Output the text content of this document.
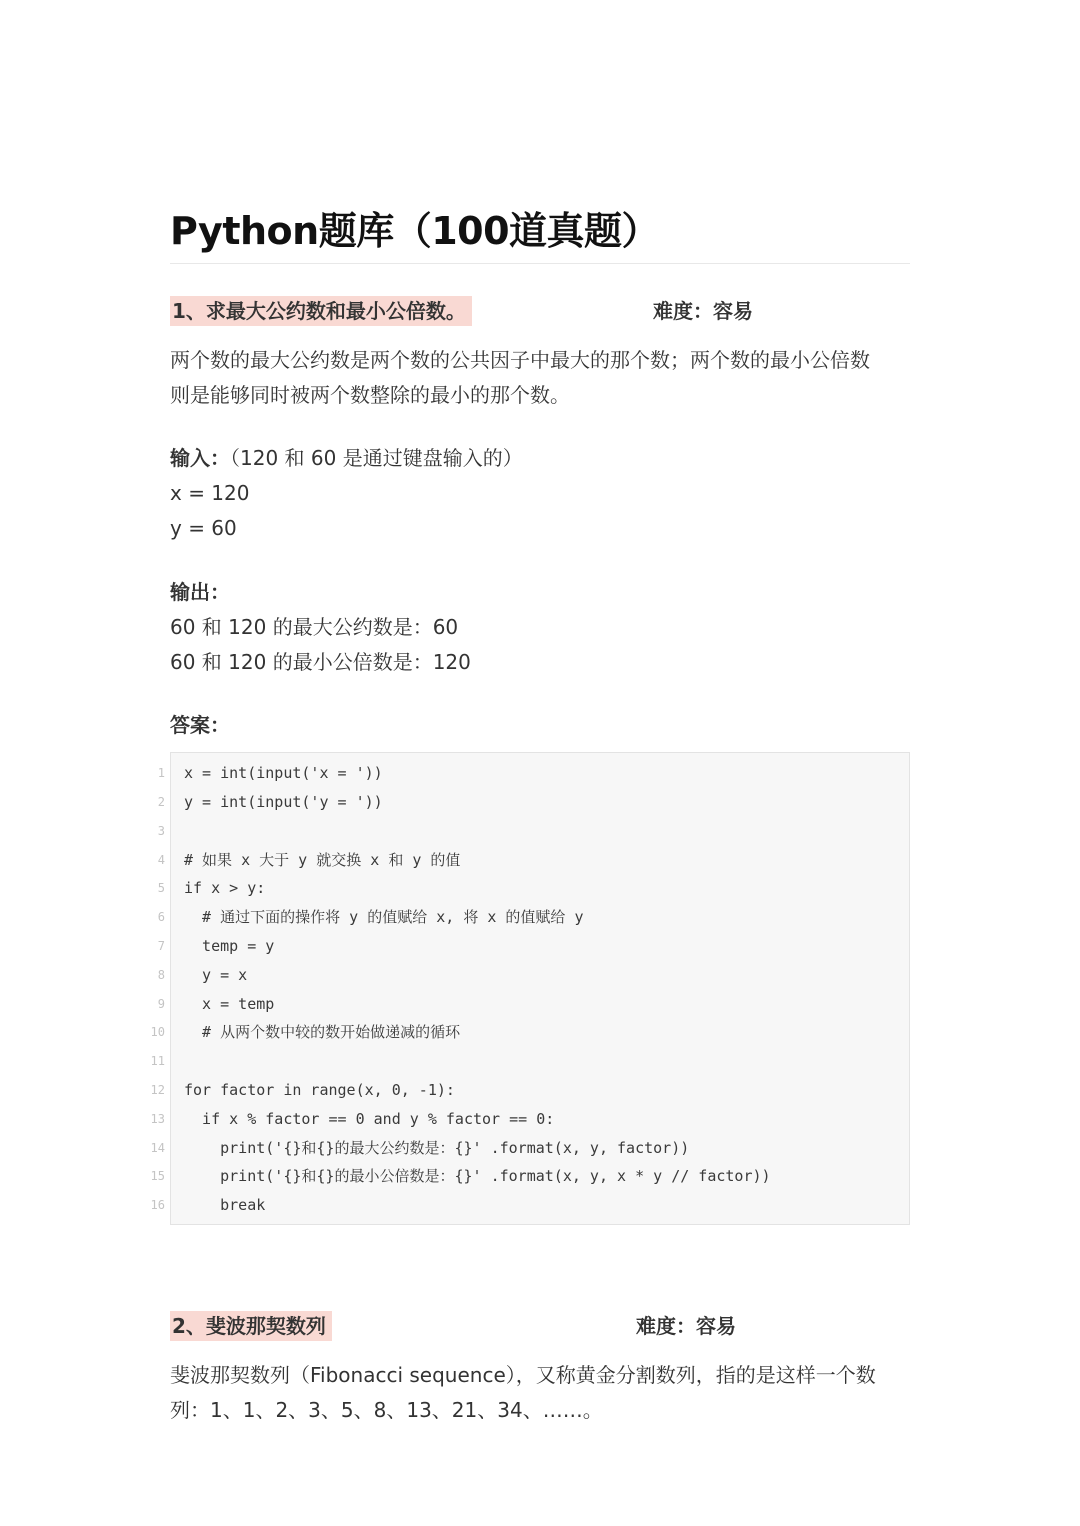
Python题库（100道真题）
1、求最大公约数和最小公倍数。	难度：容易
两个数的最大公约数是两个数的公共因子中最大的那个数；两个数的最小公倍数
则是能够同时被两个数整除的最小的那个数。
输入：（120 和 60 是通过键盘输入的）
x = 120
y = 60
输出：
60 和 120 的最大公约数是：60
60 和 120 的最小公倍数是：120
答案：
1 x = int(input('x = '))
2 y = int(input('y = '))
3
4 # 如果 x 大于 y 就交换 x 和 y 的值
5 if x > y:
6 # 通过下面的操作将 y 的值赋给 x, 将 x 的值赋给 y
7 temp = y
8 y = x
9 x = temp
10 # 从两个数中较的数开始做递减的循环
11
12 for factor in range(x, 0, -1):
13 if x % factor == 0 and y % factor == 0:
14 print('{}和{}的最大公约数是：{}' .format(x, y, factor))
15 print('{}和{}的最小公倍数是：{}' .format(x, y, x * y // factor))
16 break
2、斐波那契数列	难度：容易
斐波那契数列（Fibonacci sequence），又称黄金分割数列，指的是这样一个数
列：1、1、2、3、5、8、13、21、34、……。
